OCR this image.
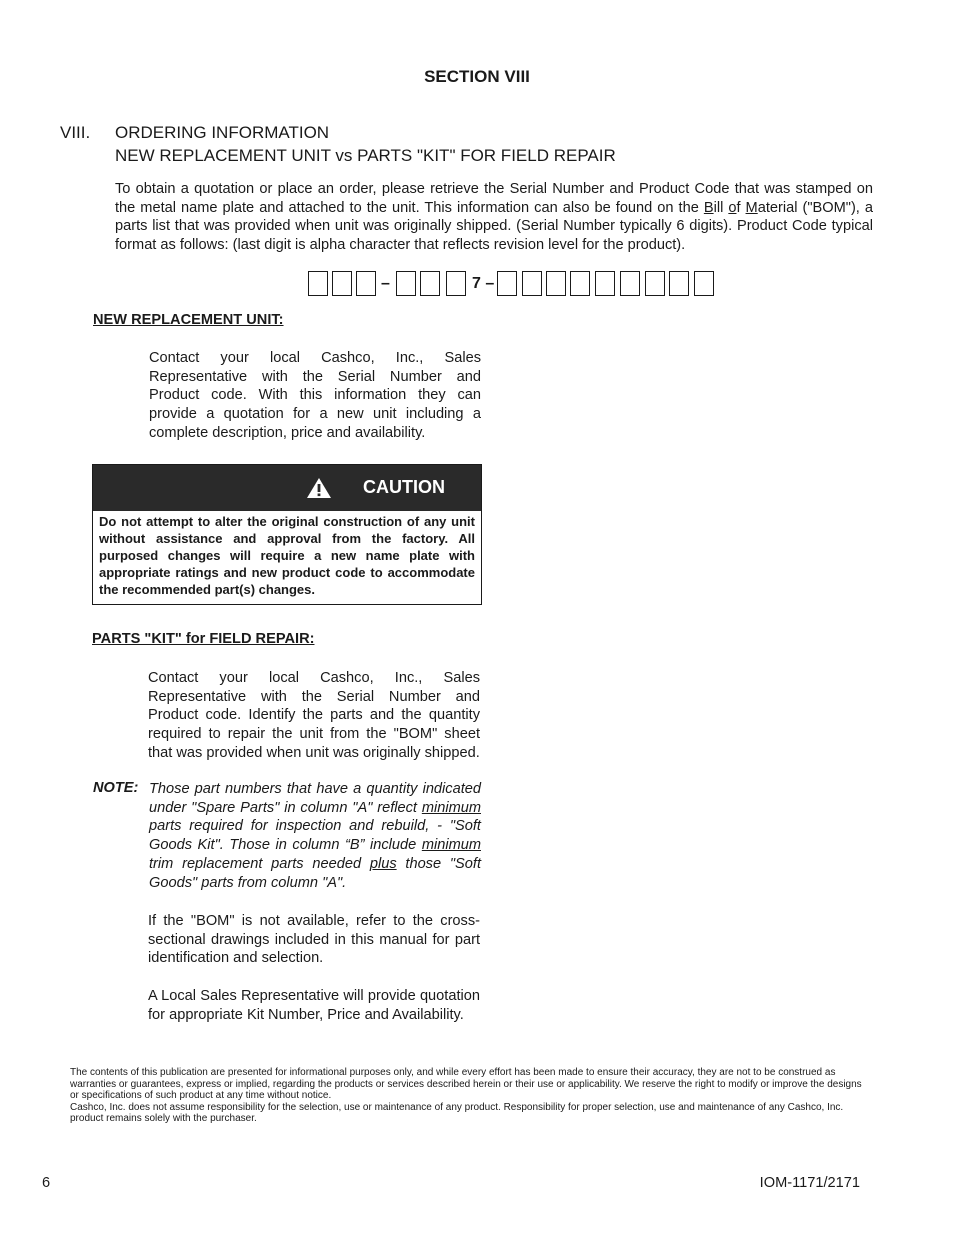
SECTION VIII
VIII. ORDERING INFORMATION
NEW REPLACEMENT UNIT vs PARTS "KIT" FOR FIELD REPAIR
To obtain a quotation or place an order, please retrieve the Serial Number and Product Code that was stamped on the metal name plate and attached to the unit. This information can also be found on the Bill of Material ("BOM"), a parts list that was provided when unit was originally shipped. (Serial Number typically 6 digits). Product Code typical format as follows: (last digit is alpha character that reflects revision level for the product).
–	7 –
NEW REPLACEMENT UNIT:
Contact your local Cashco, Inc., Sales Representative with the Serial Number and Product code. With this information they can provide a quotation for a new unit including a complete description, price and availability.
CAUTION
Do not attempt to alter the original construction of any unit without assistance and approval from the factory. All purposed changes will require a new name plate with appropriate ratings and new product code to accommodate the recommended part(s) changes.
PARTS "KIT" for FIELD REPAIR:
Contact your local Cashco, Inc., Sales Representative with the Serial Number and Product code. Identify the parts and the quantity required to repair the unit from the "BOM" sheet that was provided when unit was originally shipped.
NOTE: Those part numbers that have a quantity indicated under "Spare Parts" in column "A" reflect minimum parts required for inspection and rebuild, - "Soft Goods Kit". Those in column “B” include minimum trim replacement parts needed plus those "Soft Goods" parts from column "A".
If the "BOM" is not available, refer to the cross-sectional drawings included in this manual for part identification and selection.
A Local Sales Representative will provide quotation for appropriate Kit Number, Price and Availability.
The contents of this publication are presented for informational purposes only, and while every effort has been made to ensure their accuracy, they are not to be construed as warranties or guarantees, express or implied, regarding the products or services described herein or their use or applicability. We reserve the right to modify or improve the designs or specifications of such product at any time without notice.
Cashco, Inc. does not assume responsibility for the selection, use or maintenance of any product. Responsibility for proper selection, use and maintenance of any Cashco, Inc. product remains solely with the purchaser.
6	IOM-1171/2171
